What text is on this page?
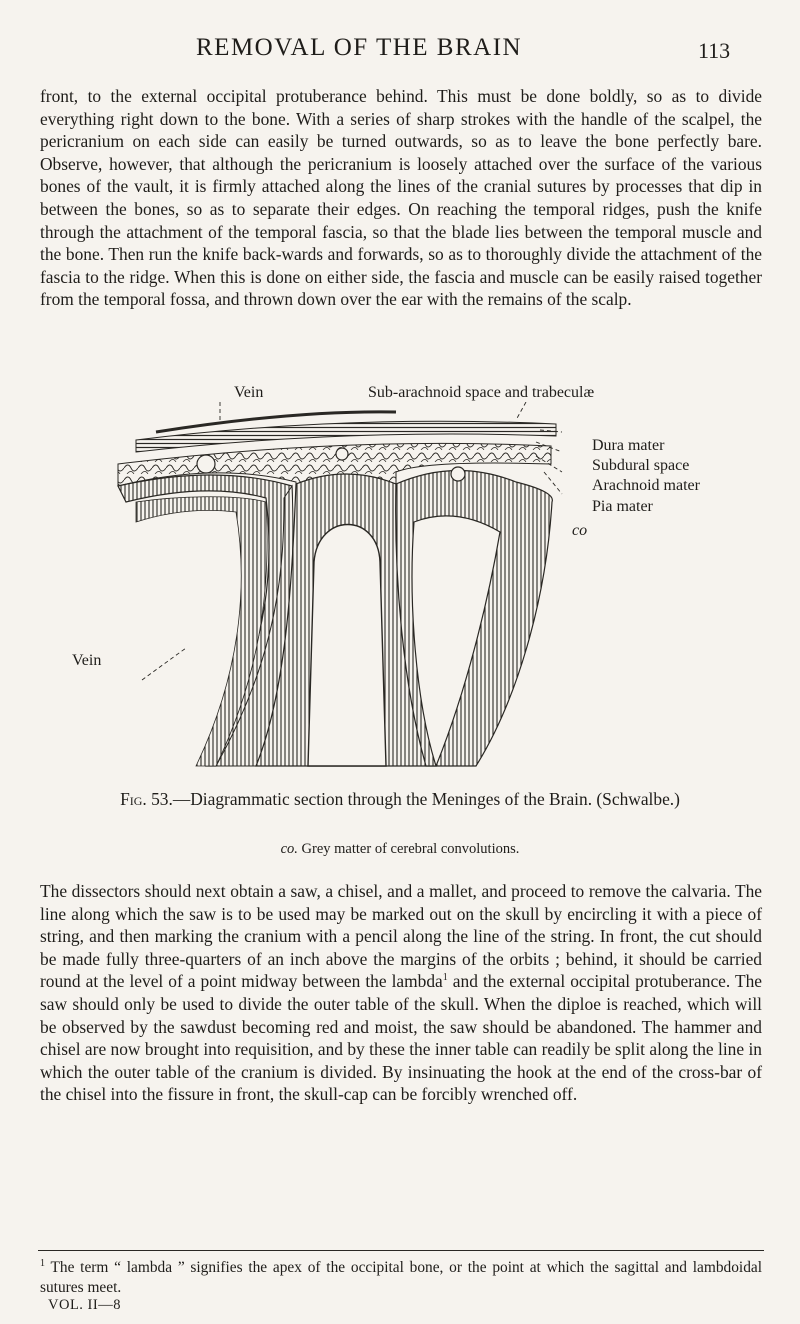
REMOVAL OF THE BRAIN	113

front, to the external occipital protuberance behind. This must be done boldly, so as to divide everything right down to the bone. With a series of sharp strokes with the handle of the scalpel, the pericranium on each side can easily be turned outwards, so as to leave the bone perfectly bare. Observe, however, that although the pericranium is loosely attached over the surface of the various bones of the vault, it is firmly attached along the lines of the cranial sutures by processes that dip in between the bones, so as to separate their edges. On reaching the temporal ridges, push the knife through the attachment of the temporal fascia, so that the blade lies between the temporal muscle and the bone. Then run the knife back-wards and forwards, so as to thoroughly divide the attachment of the fascia to the ridge. When this is done on either side, the fascia and muscle can be easily raised together from the temporal fossa, and thrown down over the ear with the remains of the scalp.

Vein	Sub-arachnoid space and trabeculæ
Dura mater
Subdural space
Arachnoid mater
Pia mater
Vein
co
Fig. 53.—Diagrammatic section through the Meninges of the Brain. (Schwalbe.)
co. Grey matter of cerebral convolutions.

The dissectors should next obtain a saw, a chisel, and a mallet, and proceed to remove the calvaria. The line along which the saw is to be used may be marked out on the skull by encircling it with a piece of string, and then marking the cranium with a pencil along the line of the string. In front, the cut should be made fully three-quarters of an inch above the margins of the orbits ; behind, it should be carried round at the level of a point midway between the lambda$^1$ and the external occipital protuberance. The saw should only be used to divide the outer table of the skull. When the diploe is reached, which will be observed by the sawdust becoming red and moist, the saw should be abandoned. The hammer and chisel are now brought into requisition, and by these the inner table can readily be split along the line in which the outer table of the cranium is divided. By insinuating the hook at the end of the cross-bar of the chisel into the fissure in front, the skull-cap can be forcibly wrenched off.

$^1$ The term “ lambda ” signifies the apex of the occipital bone, or the point at which the sagittal and lambdoidal sutures meet.
VOL. II—8
